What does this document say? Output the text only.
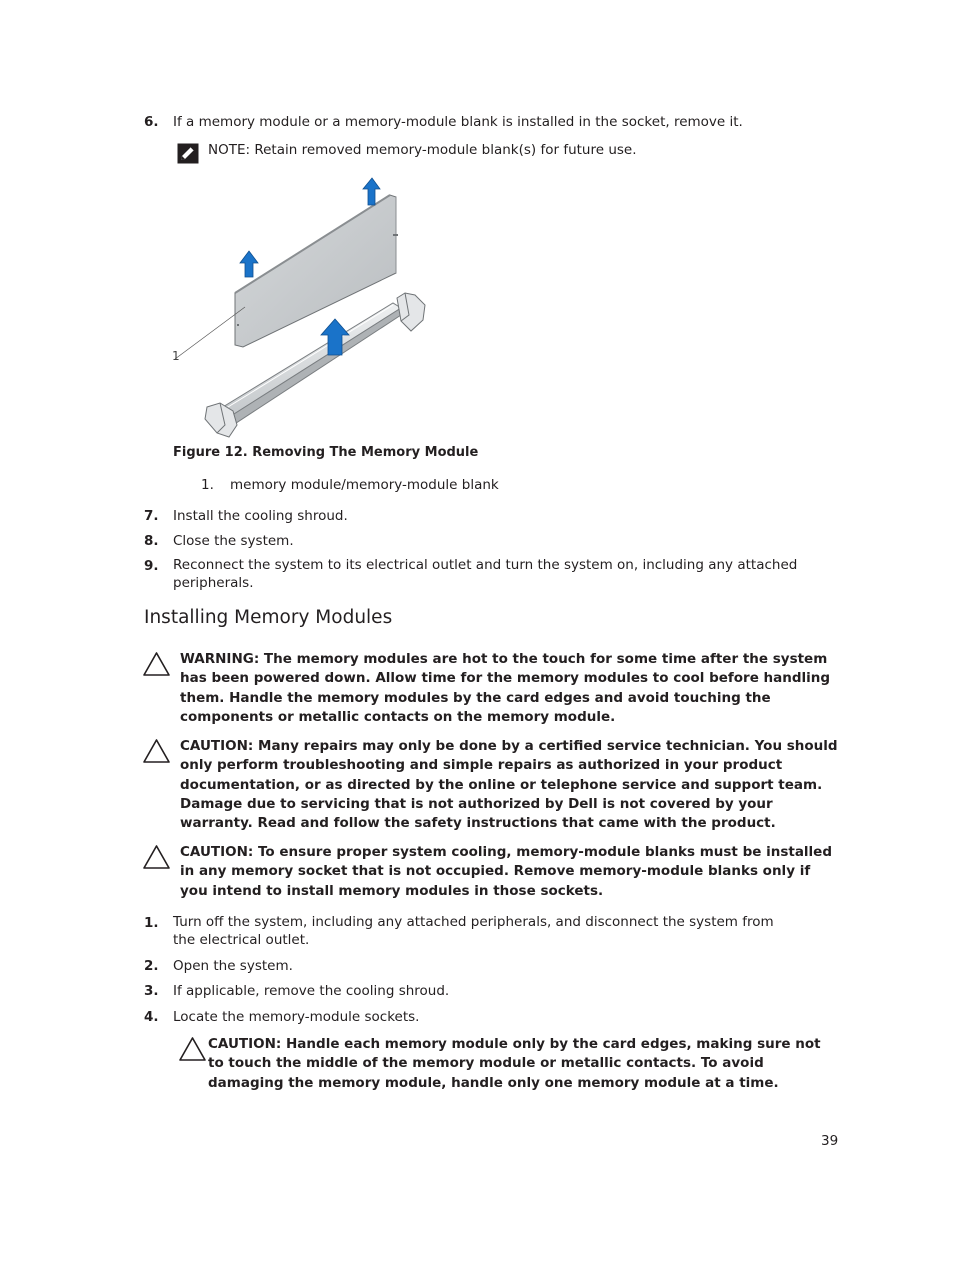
6. If a memory module or a memory-module blank is installed in the socket, remove it.
NOTE: Retain removed memory-module blank(s) for future use.
1
Figure 12. Removing The Memory Module
1. memory module/memory-module blank
7. Install the cooling shroud.
8. Close the system.
9. Reconnect the system to its electrical outlet and turn the system on, including any attached peripherals.
Installing Memory Modules
WARNING: The memory modules are hot to the touch for some time after the system has been powered down. Allow time for the memory modules to cool before handling them. Handle the memory modules by the card edges and avoid touching the components or metallic contacts on the memory module.
CAUTION: Many repairs may only be done by a certified service technician. You should only perform troubleshooting and simple repairs as authorized in your product documentation, or as directed by the online or telephone service and support team. Damage due to servicing that is not authorized by Dell is not covered by your warranty. Read and follow the safety instructions that came with the product.
CAUTION: To ensure proper system cooling, memory-module blanks must be installed in any memory socket that is not occupied. Remove memory-module blanks only if you intend to install memory modules in those sockets.
1. Turn off the system, including any attached peripherals, and disconnect the system from the electrical outlet.
2. Open the system.
3. If applicable, remove the cooling shroud.
4. Locate the memory-module sockets.
CAUTION: Handle each memory module only by the card edges, making sure not to touch the middle of the memory module or metallic contacts. To avoid damaging the memory module, handle only one memory module at a time.
39
